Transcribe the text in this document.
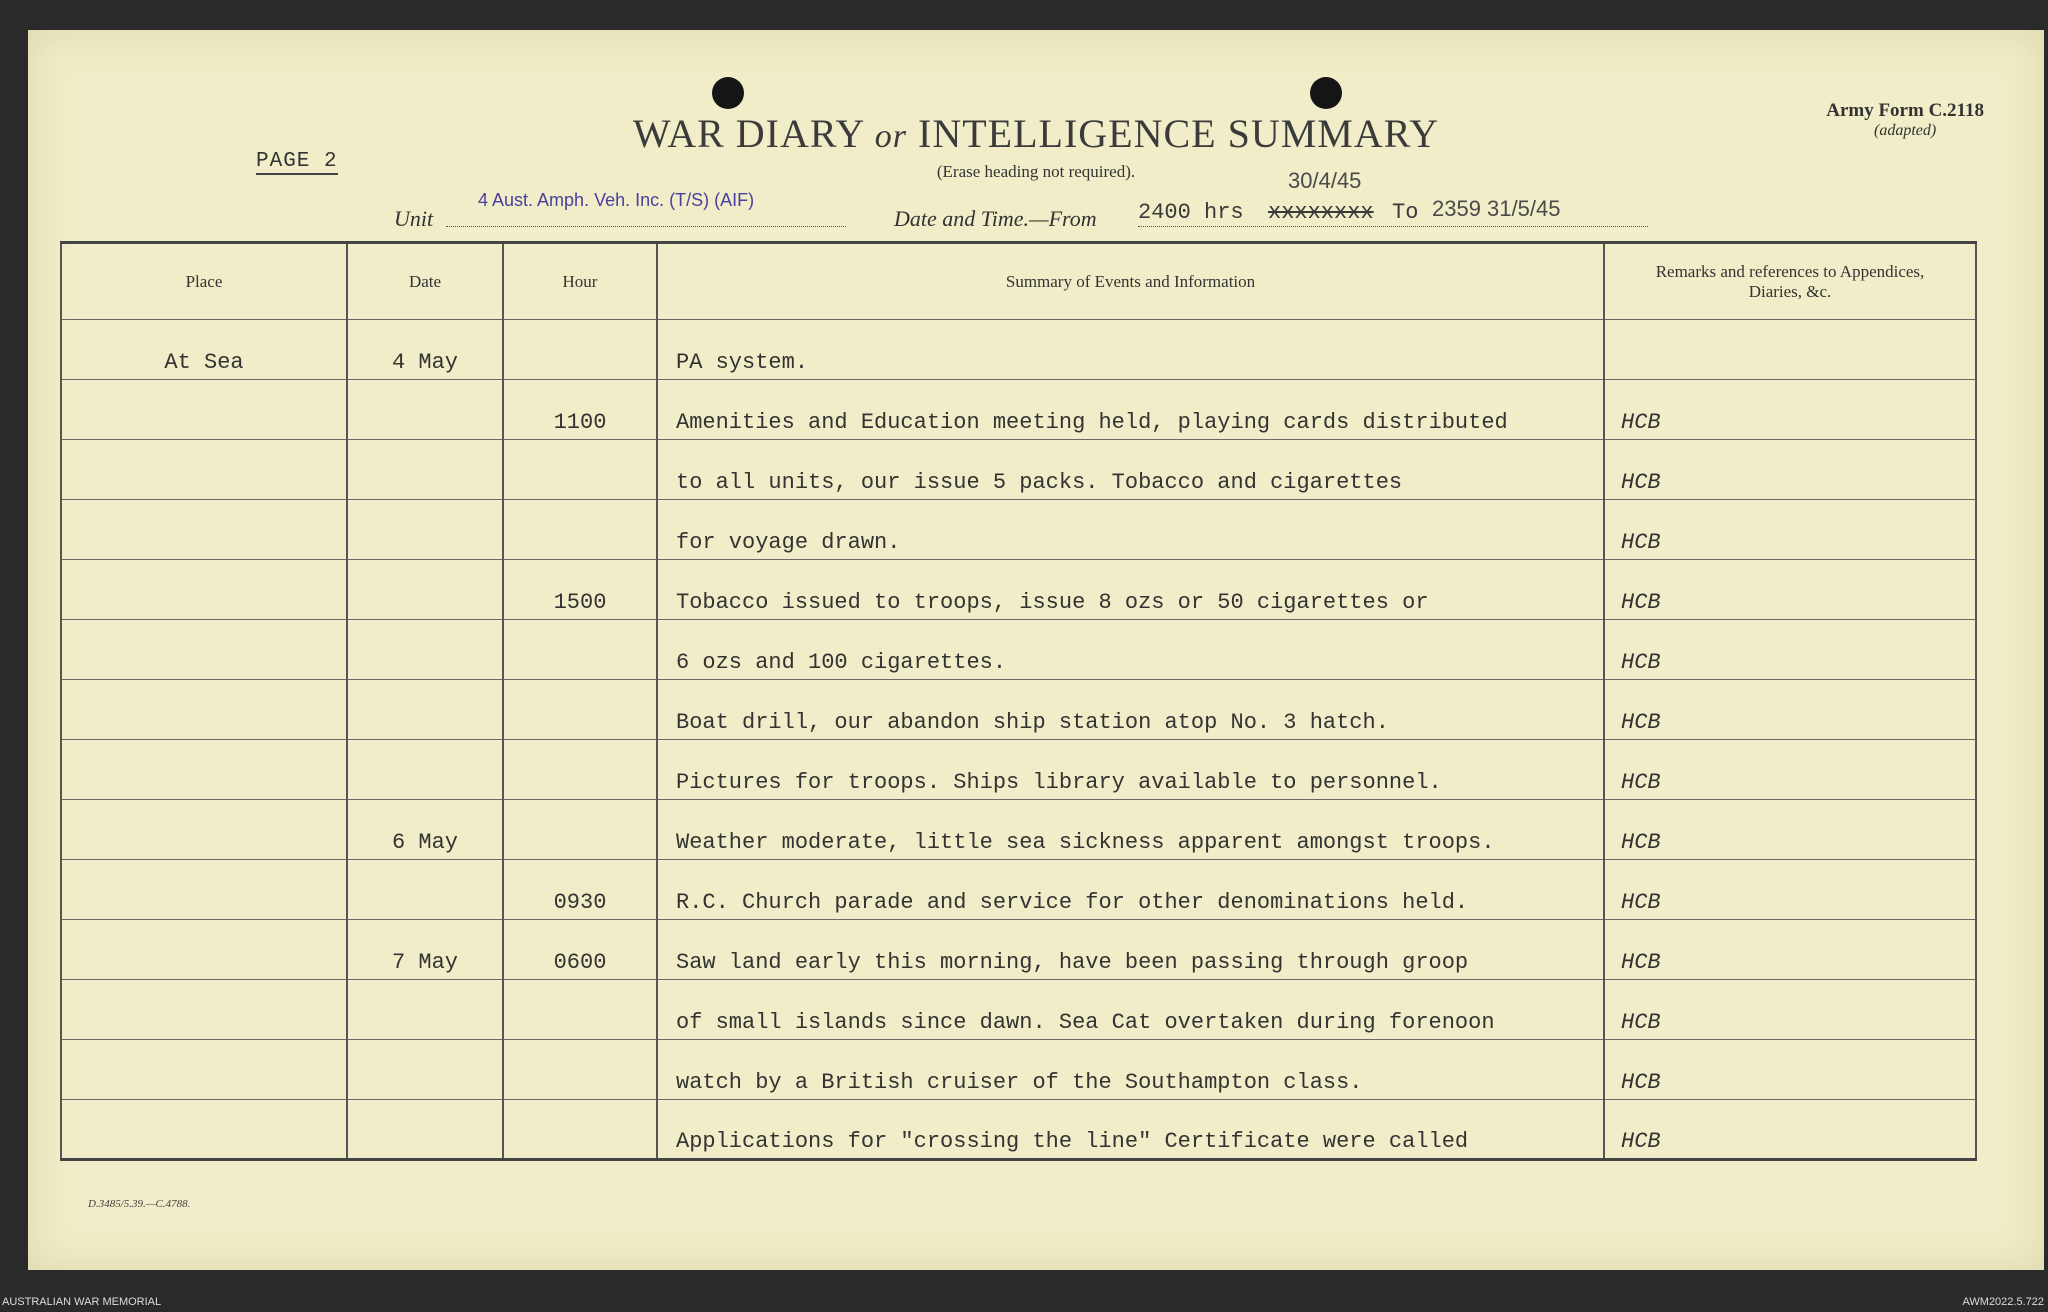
WAR DIARY or INTELLIGENCE SUMMARY
(Erase heading not required).
Army Form C.2118
(adapted)
PAGE 2
Unit
4 Aust. Amph. Veh. Inc. (T/S) (AIF)
Date and Time.—From 2400 hrs
30/4/45
xxxxxxxx To 2359 31/5/45
Place	Date	Hour	Summary of Events and Information	Remarks and references to Appendices, Diaries, &c.
At Sea	4 May		PA system.	
		1100	Amenities and Education meeting held, playing cards distributed	HCB
			to all units, our issue 5 packs. Tobacco and cigarettes	HCB
			for voyage drawn.	HCB
		1500	Tobacco issued to troops, issue 8 ozs or 50 cigarettes or	HCB
			6 ozs and 100 cigarettes.	HCB
			Boat drill, our abandon ship station atop No. 3 hatch.	HCB
			Pictures for troops. Ships library available to personnel.	HCB
	6 May		Weather moderate, little sea sickness apparent amongst troops.	HCB
		0930	R.C. Church parade and service for other denominations held.	HCB
	7 May	0600	Saw land early this morning, have been passing through groop	HCB
			of small islands since dawn. Sea Cat overtaken during forenoon	HCB
			watch by a British cruiser of the Southampton class.	HCB
			Applications for "crossing the line" Certificate were called	HCB
D.3485/5.39.—C.4788.
AUSTRALIAN WAR MEMORIAL	AWM2022.5.722
